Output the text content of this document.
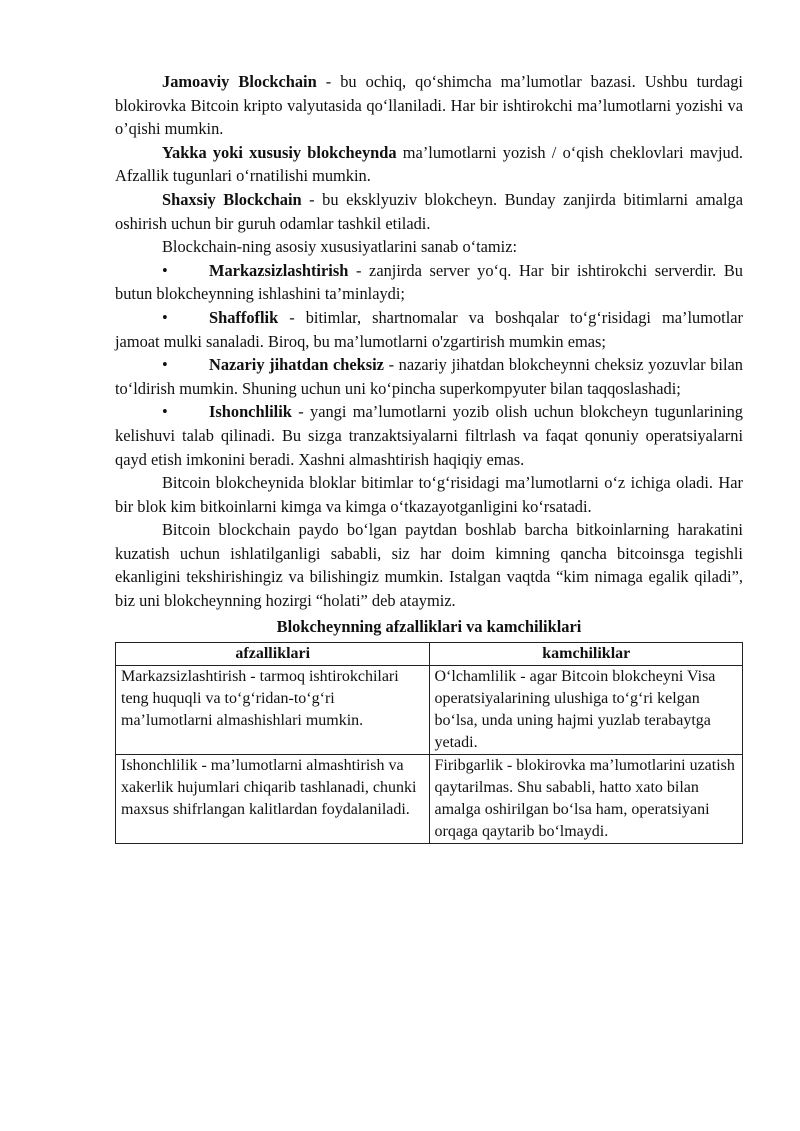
Jamoaviy Blockchain - bu ochiq, qo‘shimcha ma’lumotlar bazasi. Ushbu turdagi blokirovka Bitcoin kripto valyutasida qo‘llaniladi. Har bir ishtirokchi ma’lumotlarni yozishi va o’qishi mumkin.

Yakka yoki xususiy blokcheynda ma’lumotlarni yozish / o‘qish cheklovlari mavjud. Afzallik tugunlari o‘rnatilishi mumkin.

Shaxsiy Blockchain - bu eksklyuziv blokcheyn. Bunday zanjirda bitimlarni amalga oshirish uchun bir guruh odamlar tashkil etiladi.

Blockchain-ning asosiy xususiyatlarini sanab o‘tamiz:

•	Markazsizlashtirish - zanjirda server yo‘q. Har bir ishtirokchi serverdir. Bu butun blokcheynning ishlashini ta’minlaydi;

•	Shaffoflik - bitimlar, shartnomalar va boshqalar to‘g‘risidagi ma’lumotlar jamoat mulki sanaladi. Biroq, bu ma’lumotlarni o'zgartirish mumkin emas;

•	Nazariy jihatdan cheksiz - nazariy jihatdan blokcheynni cheksiz yozuvlar bilan to‘ldirish mumkin. Shuning uchun uni ko‘pincha superkompyuter bilan taqqoslashadi;

•	Ishonchlilik - yangi ma’lumotlarni yozib olish uchun blokcheyn tugunlarining kelishuvi talab qilinadi. Bu sizga tranzaktsiyalarni filtrlash va faqat qonuniy operatsiyalarni qayd etish imkonini beradi. Xashni almashtirish haqiqiy emas.

Bitcoin blokcheynida bloklar bitimlar to‘g‘risidagi ma’lumotlarni o‘z ichiga oladi. Har bir blok kim bitkoinlarni kimga va kimga o‘tkazayotganligini ko‘rsatadi.

Bitcoin blockchain paydo bo‘lgan paytdan boshlab barcha bitkoinlarning harakatini kuzatish uchun ishlatilganligi sababli, siz har doim kimning qancha bitcoinsga tegishli ekanligini tekshirishingiz va bilishingiz mumkin. Istalgan vaqtda “kim nimaga egalik qiladi”, biz uni blokcheynning hozirgi “holati” deb ataymiz.

Blokcheynning afzalliklari va kamchiliklari

afzalliklari	kamchiliklar
Markazsizlashtirish - tarmoq ishtirokchilari teng huquqli va to‘g‘ridan-to‘g‘ri ma’lumotlarni almashishlari mumkin.	O‘lchamlilik - agar Bitcoin blokcheyni Visa operatsiyalarining ulushiga to‘g‘ri kelgan bo‘lsa, unda uning hajmi yuzlab terabaytga yetadi.
Ishonchlilik - ma’lumotlarni almashtirish va xakerlik hujumlari chiqarib tashlanadi, chunki maxsus shifrlangan kalitlardan foydalaniladi.	Firibgarlik - blokirovka ma’lumotlarini uzatish qaytarilmas. Shu sababli, hatto xato bilan amalga oshirilgan bo‘lsa ham, operatsiyani orqaga qaytarib bo‘lmaydi.
